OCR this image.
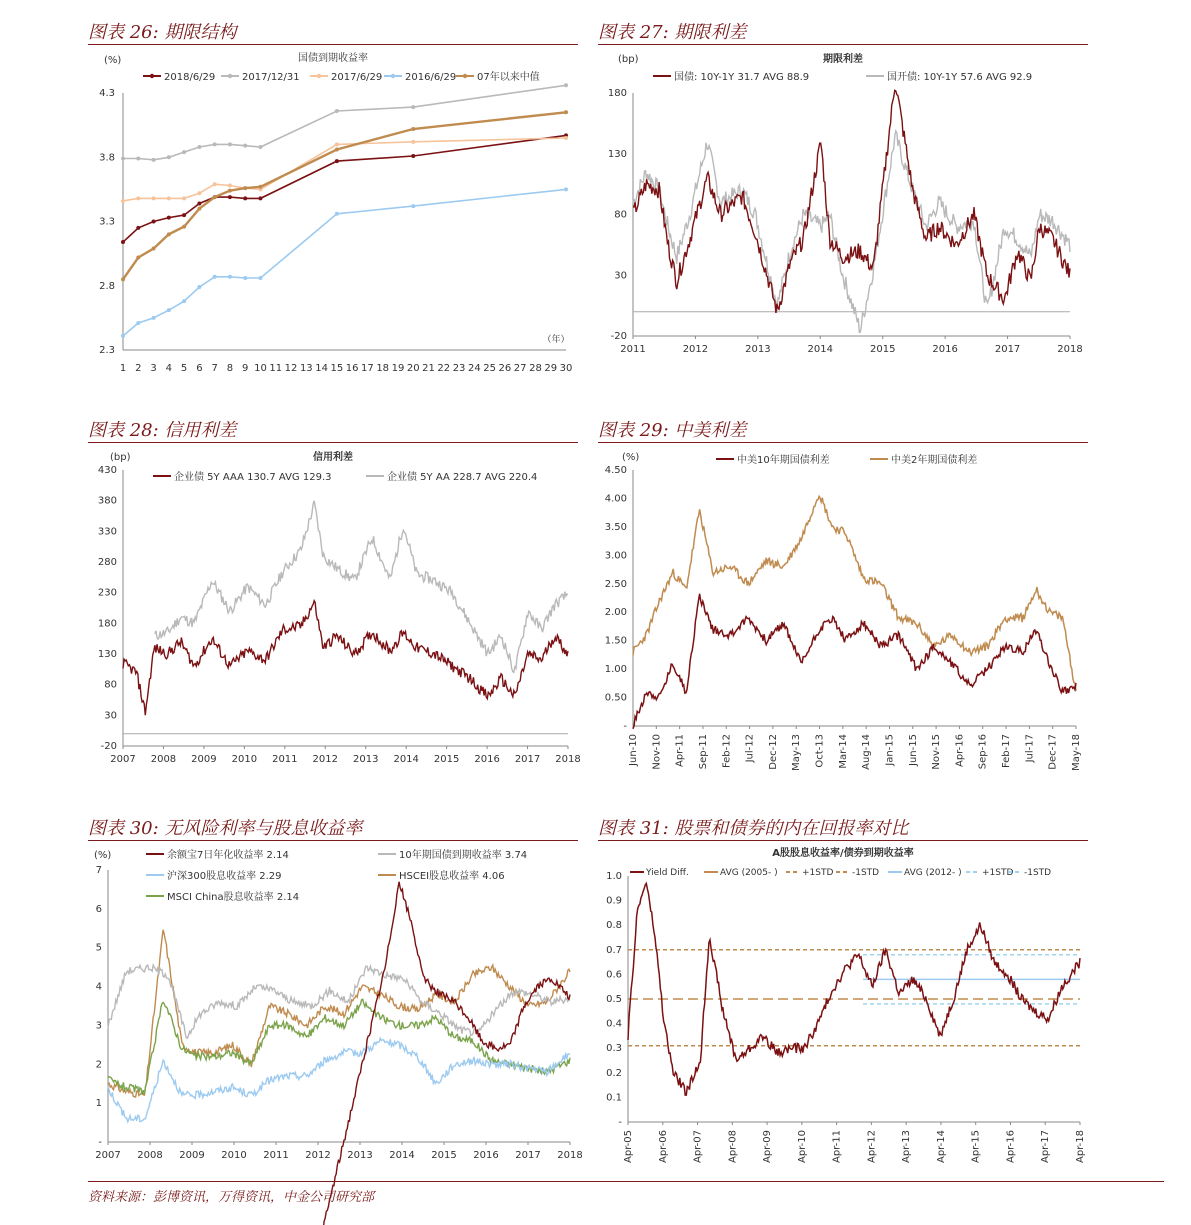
图表 26: 期限结构
国债到期收益率
(%)
2.3
2.8
3.3
3.8
4.3
1 2 3 4 5 6 7 8 9 10 11 12 13 14 15 16 17 18 19 20 21 22 23 24 25 26 27 28 29 30
（年）
2018/6/29	2017/12/31	2017/6/29 2016/6/29 07年以来中值
图表 27: 期限利差
-20
30
80
130
180
2011	2012	2013	2014	2015	2016	2017	2018
期限利差
(bp)
国债: 10Y-1Y 31.7 AVG 88.9	国开债: 10Y-1Y 57.6 AVG 92.9
图表 28: 信用利差
-20
30
80
130
180
230
280
330
380
430
2007 2008 2009 2010 2011 2012 2013 2014 2015 2016 2017 2018
信用利差
(bp)
企业债 5Y AAA 130.7 AVG 129.3	企业债 5Y AA 228.7 AVG 220.4
图表 29: 中美利差
-
0.50
1.00
1.50
2.00
2.50
3.00
3.50
4.00
4.50
Jun-10 Nov-10 Apr-11 Sep-11 Feb-12 Jul-12 Dec-12 May-13 Oct-13 Mar-14 Aug-14 Jan-15 Jun-15 Nov-15 Apr-16 Sep-16 Feb-17 Jul-17 Dec-17 May-18
(%)	中美10年期国债利差	中美2年期国债利差
图表 30: 无风险利率与股息收益率
-
1
2
3
4
5
6
7
2007 2008 2009 2010 2011 2012 2013 2014 2015 2016 2017 2018
(%)	余额宝7日年化收益率 2.14	10年期国债到期收益率 3.74
沪深300股息收益率 2.29	HSCEI股息收益率 4.06
MSCI China股息收益率 2.14
图表 31: 股票和债券的内在回报率对比
-
0.1
0.2
0.3
0.4
0.5
0.6
0.7
0.8
0.9
1.0
Apr-05 Apr-06 Apr-07 Apr-08 Apr-09 Apr-10 Apr-11 Apr-12 Apr-13 Apr-14 Apr-15 Apr-16 Apr-17 Apr-18
A股股息收益率/债券到期收益率
Yield Diff.	AVG (2005- )	+1STD -1STD	AVG (2012- ) +1STD -1STD
资料来源：彭博资讯，万得资讯，中金公司研究部
